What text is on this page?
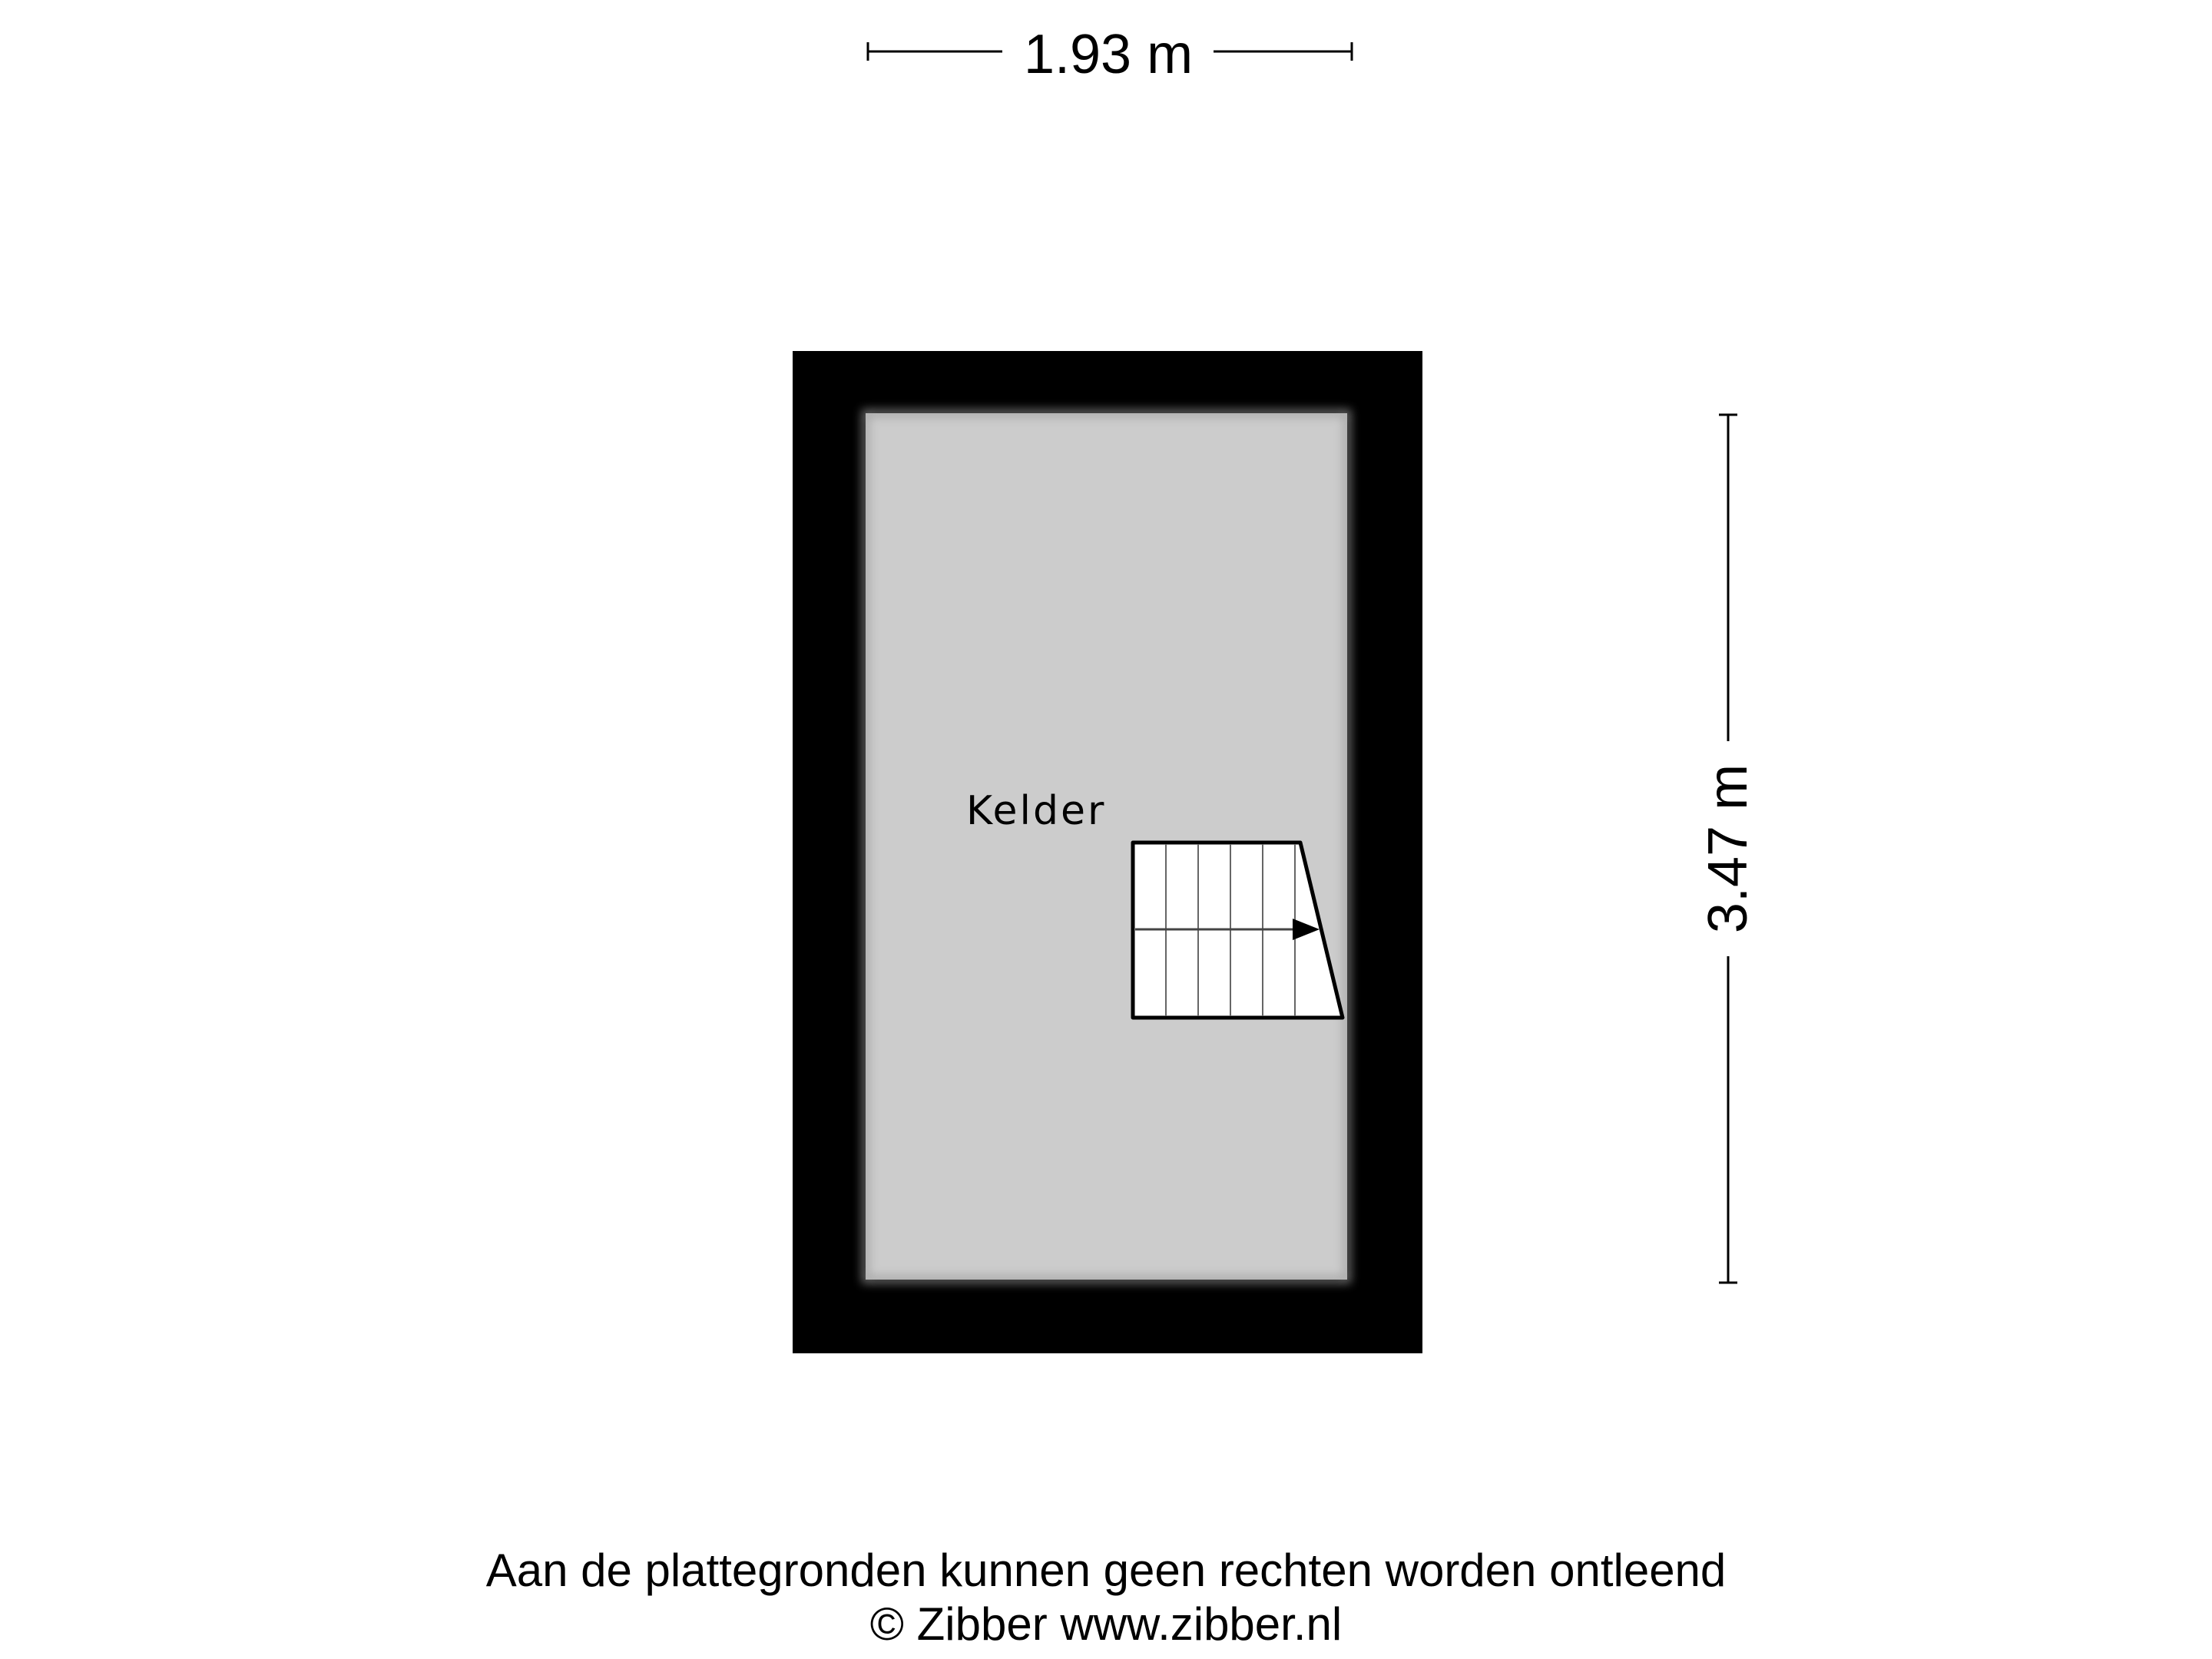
1.93 m
3.47 m
Kelder
Aan de plattegronden kunnen geen rechten worden ontleend
© Zibber www.zibber.nl
